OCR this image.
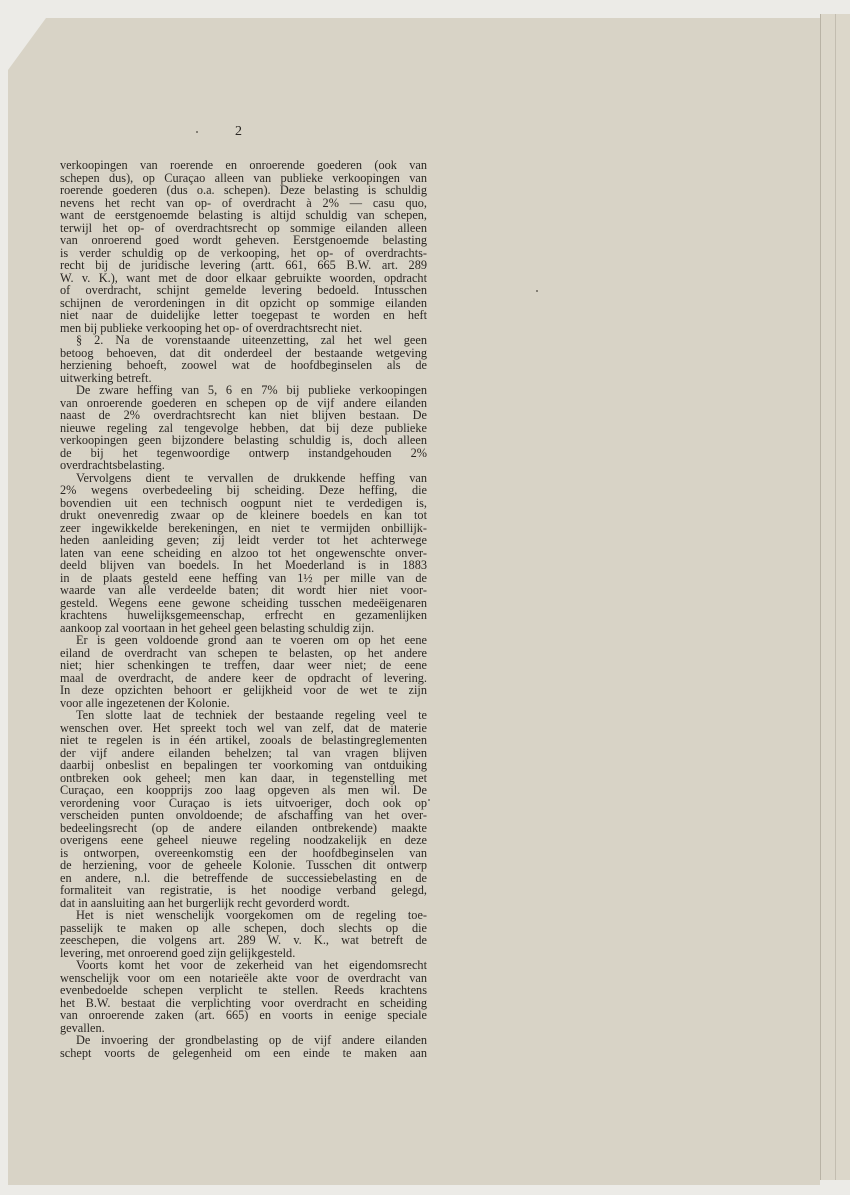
2
verkoopingen van roerende en onroerende goederen (ook van
schepen dus), op Curaçao alleen van publieke verkoopingen van
roerende goederen (dus o.a. schepen). Deze belasting is schuldig
nevens het recht van op- of overdracht à 2% — casu quo,
want de eerstgenoemde belasting is altijd schuldig van schepen,
terwijl het op- of overdrachtsrecht op sommige eilanden alleen
van onroerend goed wordt geheven. Eerstgenoemde belasting
is verder schuldig op de verkooping, het op- of overdrachts-
recht bij de juridische levering (artt. 661, 665 B.W. art. 289
W. v. K.), want met de door elkaar gebruikte woorden, opdracht
of overdracht, schijnt gemelde levering bedoeld. Intusschen
schijnen de verordeningen in dit opzicht op sommige eilanden
niet naar de duidelijke letter toegepast te worden en heft
men bij publieke verkooping het op- of overdrachtsrecht niet.
§ 2. Na de vorenstaande uiteenzetting, zal het wel geen
betoog behoeven, dat dit onderdeel der bestaande wetgeving
herziening behoeft, zoowel wat de hoofdbeginselen als de
uitwerking betreft.
De zware heffing van 5, 6 en 7% bij publieke verkoopingen
van onroerende goederen en schepen op de vijf andere eilanden
naast de 2% overdrachtsrecht kan niet blijven bestaan. De
nieuwe regeling zal tengevolge hebben, dat bij deze publieke
verkoopingen geen bijzondere belasting schuldig is, doch alleen
de bij het tegenwoordige ontwerp instandgehouden 2%
overdrachtsbelasting.
Vervolgens dient te vervallen de drukkende heffing van
2% wegens overbedeeling bij scheiding. Deze heffing, die
bovendien uit een technisch oogpunt niet te verdedigen is,
drukt onevenredig zwaar op de kleinere boedels en kan tot
zeer ingewikkelde berekeningen, en niet te vermijden onbillijk-
heden aanleiding geven; zij leidt verder tot het achterwege
laten van eene scheiding en alzoo tot het ongewenschte onver-
deeld blijven van boedels. In het Moederland is in 1883
in de plaats gesteld eene heffing van 1½ per mille van de
waarde van alle verdeelde baten; dit wordt hier niet voor-
gesteld. Wegens eene gewone scheiding tusschen medeëigenaren
krachtens huwelijksgemeenschap, erfrecht en gezamenlijken
aankoop zal voortaan in het geheel geen belasting schuldig zijn.
Er is geen voldoende grond aan te voeren om op het eene
eiland de overdracht van schepen te belasten, op het andere
niet; hier schenkingen te treffen, daar weer niet; de eene
maal de overdracht, de andere keer de opdracht of levering.
In deze opzichten behoort er gelijkheid voor de wet te zijn
voor alle ingezetenen der Kolonie.
Ten slotte laat de techniek der bestaande regeling veel te
wenschen over. Het spreekt toch wel van zelf, dat de materie
niet te regelen is in één artikel, zooals de belastingreglementen
der vijf andere eilanden behelzen; tal van vragen blijven
daarbij onbeslist en bepalingen ter voorkoming van ontduiking
ontbreken ook geheel; men kan daar, in tegenstelling met
Curaçao, een koopprijs zoo laag opgeven als men wil. De
verordening voor Curaçao is iets uitvoeriger, doch ook op
verscheiden punten onvoldoende; de afschaffing van het over-
bedeelingsrecht (op de andere eilanden ontbrekende) maakte
overigens eene geheel nieuwe regeling noodzakelijk en deze
is ontworpen, overeenkomstig een der hoofdbeginselen van
de herziening, voor de geheele Kolonie. Tusschen dit ontwerp
en andere, n.l. die betreffende de successiebelasting en de
formaliteit van registratie, is het noodige verband gelegd,
dat in aansluiting aan het burgerlijk recht gevorderd wordt.
Het is niet wenschelijk voorgekomen om de regeling toe-
passelijk te maken op alle schepen, doch slechts op die
zeeschepen, die volgens art. 289 W. v. K., wat betreft de
levering, met onroerend goed zijn gelijkgesteld.
Voorts komt het voor de zekerheid van het eigendomsrecht
wenschelijk voor om een notarieële akte voor de overdracht van
evenbedoelde schepen verplicht te stellen. Reeds krachtens
het B.W. bestaat die verplichting voor overdracht en scheiding
van onroerende zaken (art. 665) en voorts in eenige speciale
gevallen.
De invoering der grondbelasting op de vijf andere eilanden
schept voorts de gelegenheid om een einde te maken aan
